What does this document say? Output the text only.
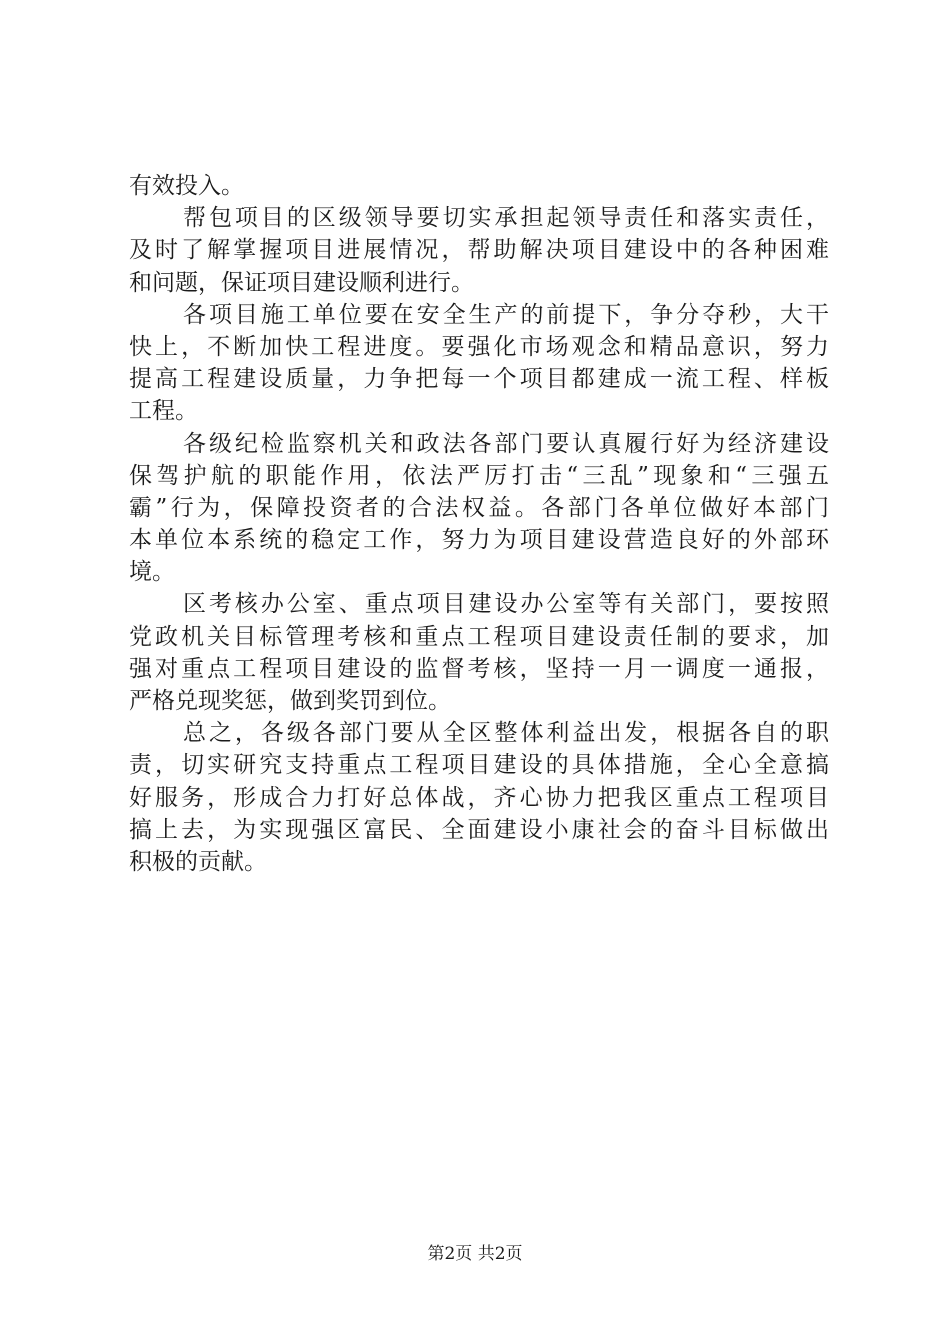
有效投入。
帮包项目的区级领导要切实承担起领导责任和落实责任，
及时了解掌握项目进展情况，帮助解决项目建设中的各种困难
和问题，保证项目建设顺利进行。
各项目施工单位要在安全生产的前提下，争分夺秒，大干
快上，不断加快工程进度。要强化市场观念和精品意识，努力
提高工程建设质量，力争把每一个项目都建成一流工程、样板
工程。
各级纪检监察机关和政法各部门要认真履行好为经济建设
保驾护航的职能作用，依法严厉打击“三乱”现象和“三强五
霸”行为，保障投资者的合法权益。各部门各单位做好本部门
本单位本系统的稳定工作，努力为项目建设营造良好的外部环
境。
区考核办公室、重点项目建设办公室等有关部门，要按照
党政机关目标管理考核和重点工程项目建设责任制的要求，加
强对重点工程项目建设的监督考核，坚持一月一调度一通报，
严格兑现奖惩，做到奖罚到位。
总之，各级各部门要从全区整体利益出发，根据各自的职
责，切实研究支持重点工程项目建设的具体措施，全心全意搞
好服务，形成合力打好总体战，齐心协力把我区重点工程项目
搞上去，为实现强区富民、全面建设小康社会的奋斗目标做出
积极的贡献。
第2页 共2页
